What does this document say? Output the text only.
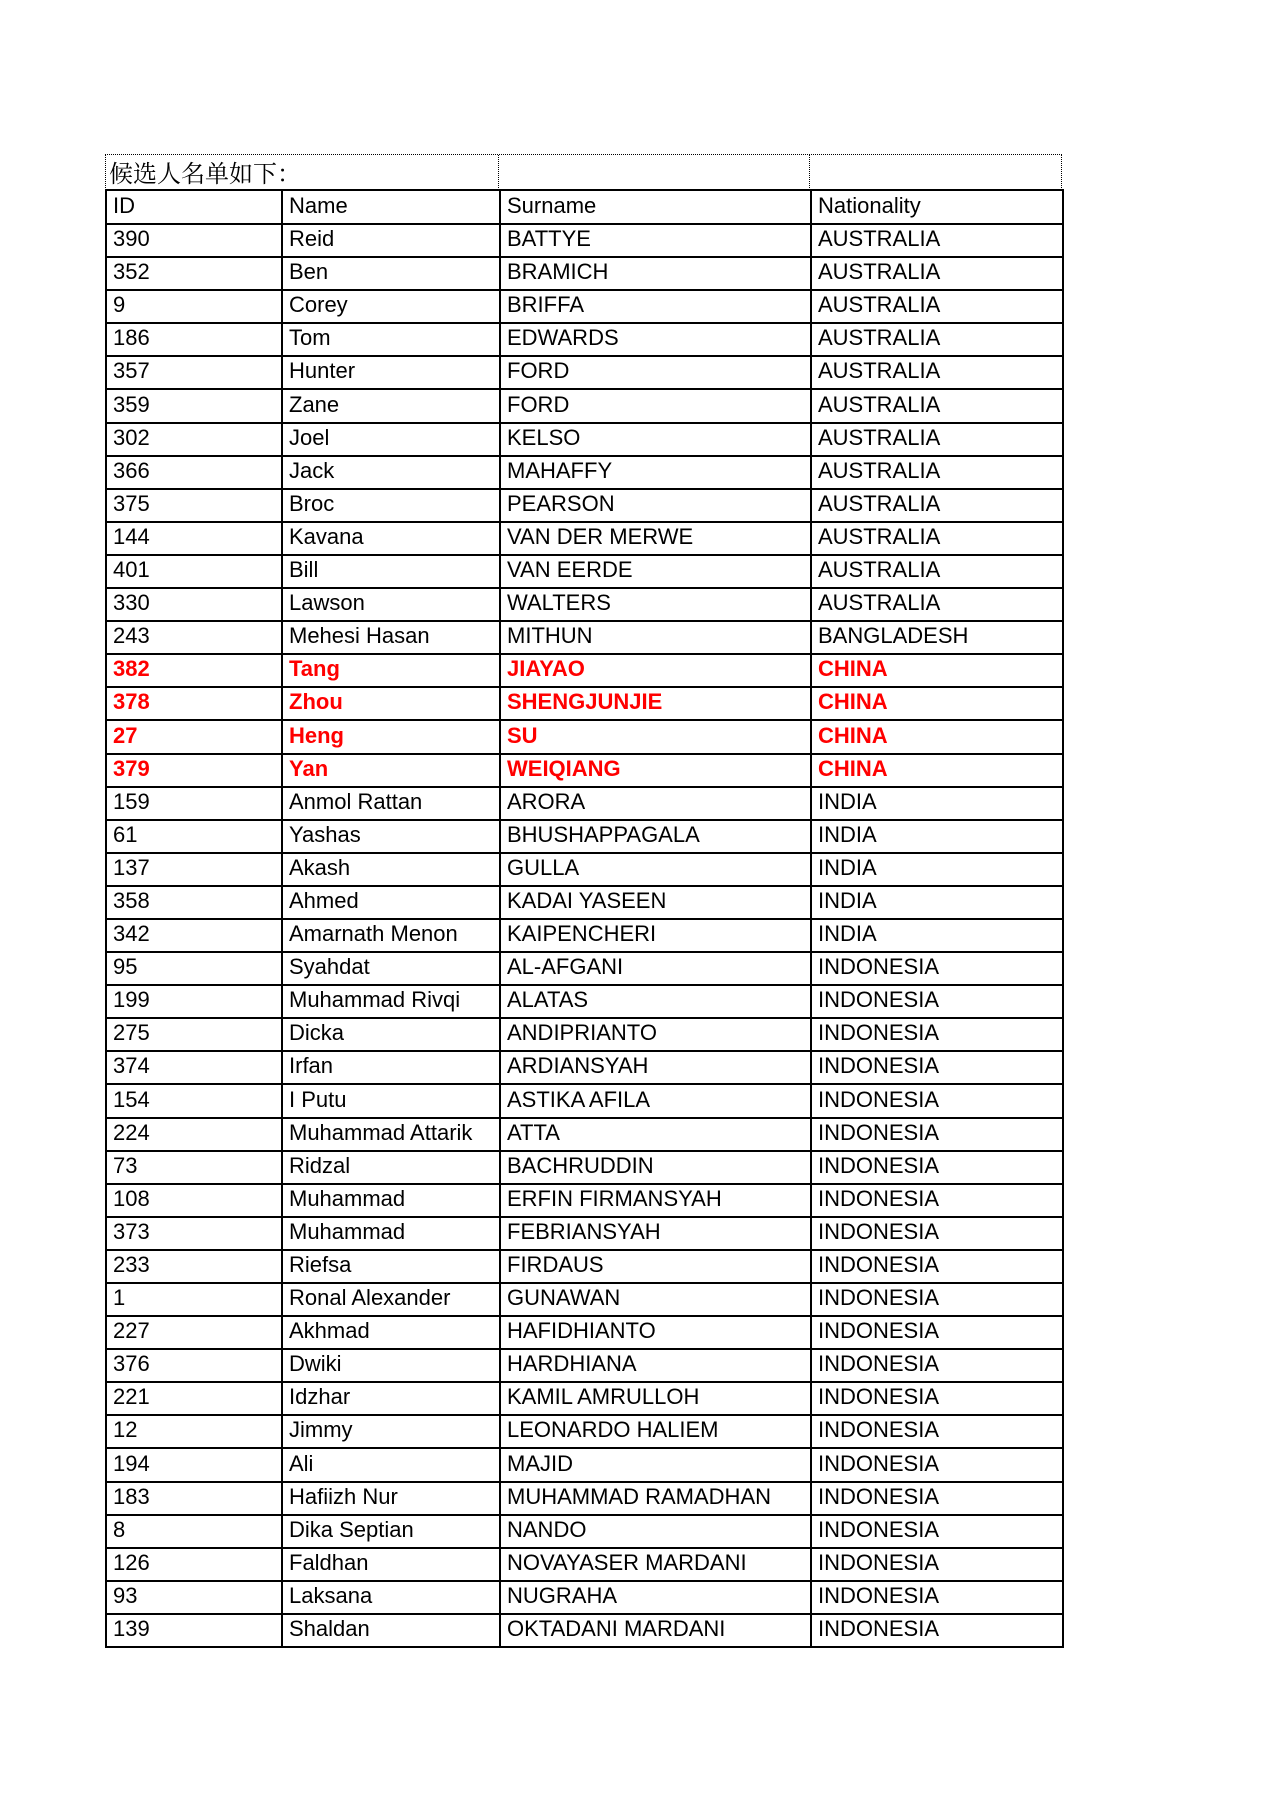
候选人名单如下：
ID	Name	Surname	Nationality
390	Reid	BATTYE	AUSTRALIA
352	Ben	BRAMICH	AUSTRALIA
9	Corey	BRIFFA	AUSTRALIA
186	Tom	EDWARDS	AUSTRALIA
357	Hunter	FORD	AUSTRALIA
359	Zane	FORD	AUSTRALIA
302	Joel	KELSO	AUSTRALIA
366	Jack	MAHAFFY	AUSTRALIA
375	Broc	PEARSON	AUSTRALIA
144	Kavana	VAN DER MERWE	AUSTRALIA
401	Bill	VAN EERDE	AUSTRALIA
330	Lawson	WALTERS	AUSTRALIA
243	Mehesi Hasan	MITHUN	BANGLADESH
382	Tang	JIAYAO	CHINA
378	Zhou	SHENGJUNJIE	CHINA
27	Heng	SU	CHINA
379	Yan	WEIQIANG	CHINA
159	Anmol Rattan	ARORA	INDIA
61	Yashas	BHUSHAPPAGALA	INDIA
137	Akash	GULLA	INDIA
358	Ahmed	KADAI YASEEN	INDIA
342	Amarnath Menon	KAIPENCHERI	INDIA
95	Syahdat	AL-AFGANI	INDONESIA
199	Muhammad Rivqi	ALATAS	INDONESIA
275	Dicka	ANDIPRIANTO	INDONESIA
374	Irfan	ARDIANSYAH	INDONESIA
154	I Putu	ASTIKA AFILA	INDONESIA
224	Muhammad Attarik	ATTA	INDONESIA
73	Ridzal	BACHRUDDIN	INDONESIA
108	Muhammad	ERFIN FIRMANSYAH	INDONESIA
373	Muhammad	FEBRIANSYAH	INDONESIA
233	Riefsa	FIRDAUS	INDONESIA
1	Ronal Alexander	GUNAWAN	INDONESIA
227	Akhmad	HAFIDHIANTO	INDONESIA
376	Dwiki	HARDHIANA	INDONESIA
221	Idzhar	KAMIL AMRULLOH	INDONESIA
12	Jimmy	LEONARDO HALIEM	INDONESIA
194	Ali	MAJID	INDONESIA
183	Hafiizh Nur	MUHAMMAD RAMADHAN	INDONESIA
8	Dika Septian	NANDO	INDONESIA
126	Faldhan	NOVAYASER MARDANI	INDONESIA
93	Laksana	NUGRAHA	INDONESIA
139	Shaldan	OKTADANI MARDANI	INDONESIA
